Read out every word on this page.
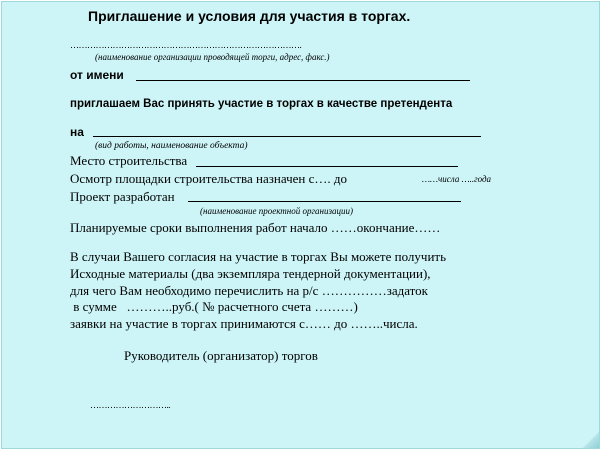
Приглашение и условия для участия в торгах.
……………………………………………………………………….
(наименование организации проводящей торги, адрес, факс.)
от имени
приглашаем Вас принять участие в торгах в качестве претендента
на
(вид работы, наименование объекта)
Место строительства
Осмотр площадки строительства назначен с…. до	……числа …..года
Проект разработан
(наименование проектной организации)
Планируемые сроки выполнения работ начало ……окончание……
В случаи Вашего согласия на участие в торгах Вы можете получить
Исходные материалы (два экземпляра тендерной документации),
для чего Вам необходимо перечислить на р/с ……………задаток
в сумме   ………..руб.( № расчетного счета ………)
заявки на участие в торгах принимаются с…… до ……..числа.
Руководитель (организатор) торгов
………………………..
